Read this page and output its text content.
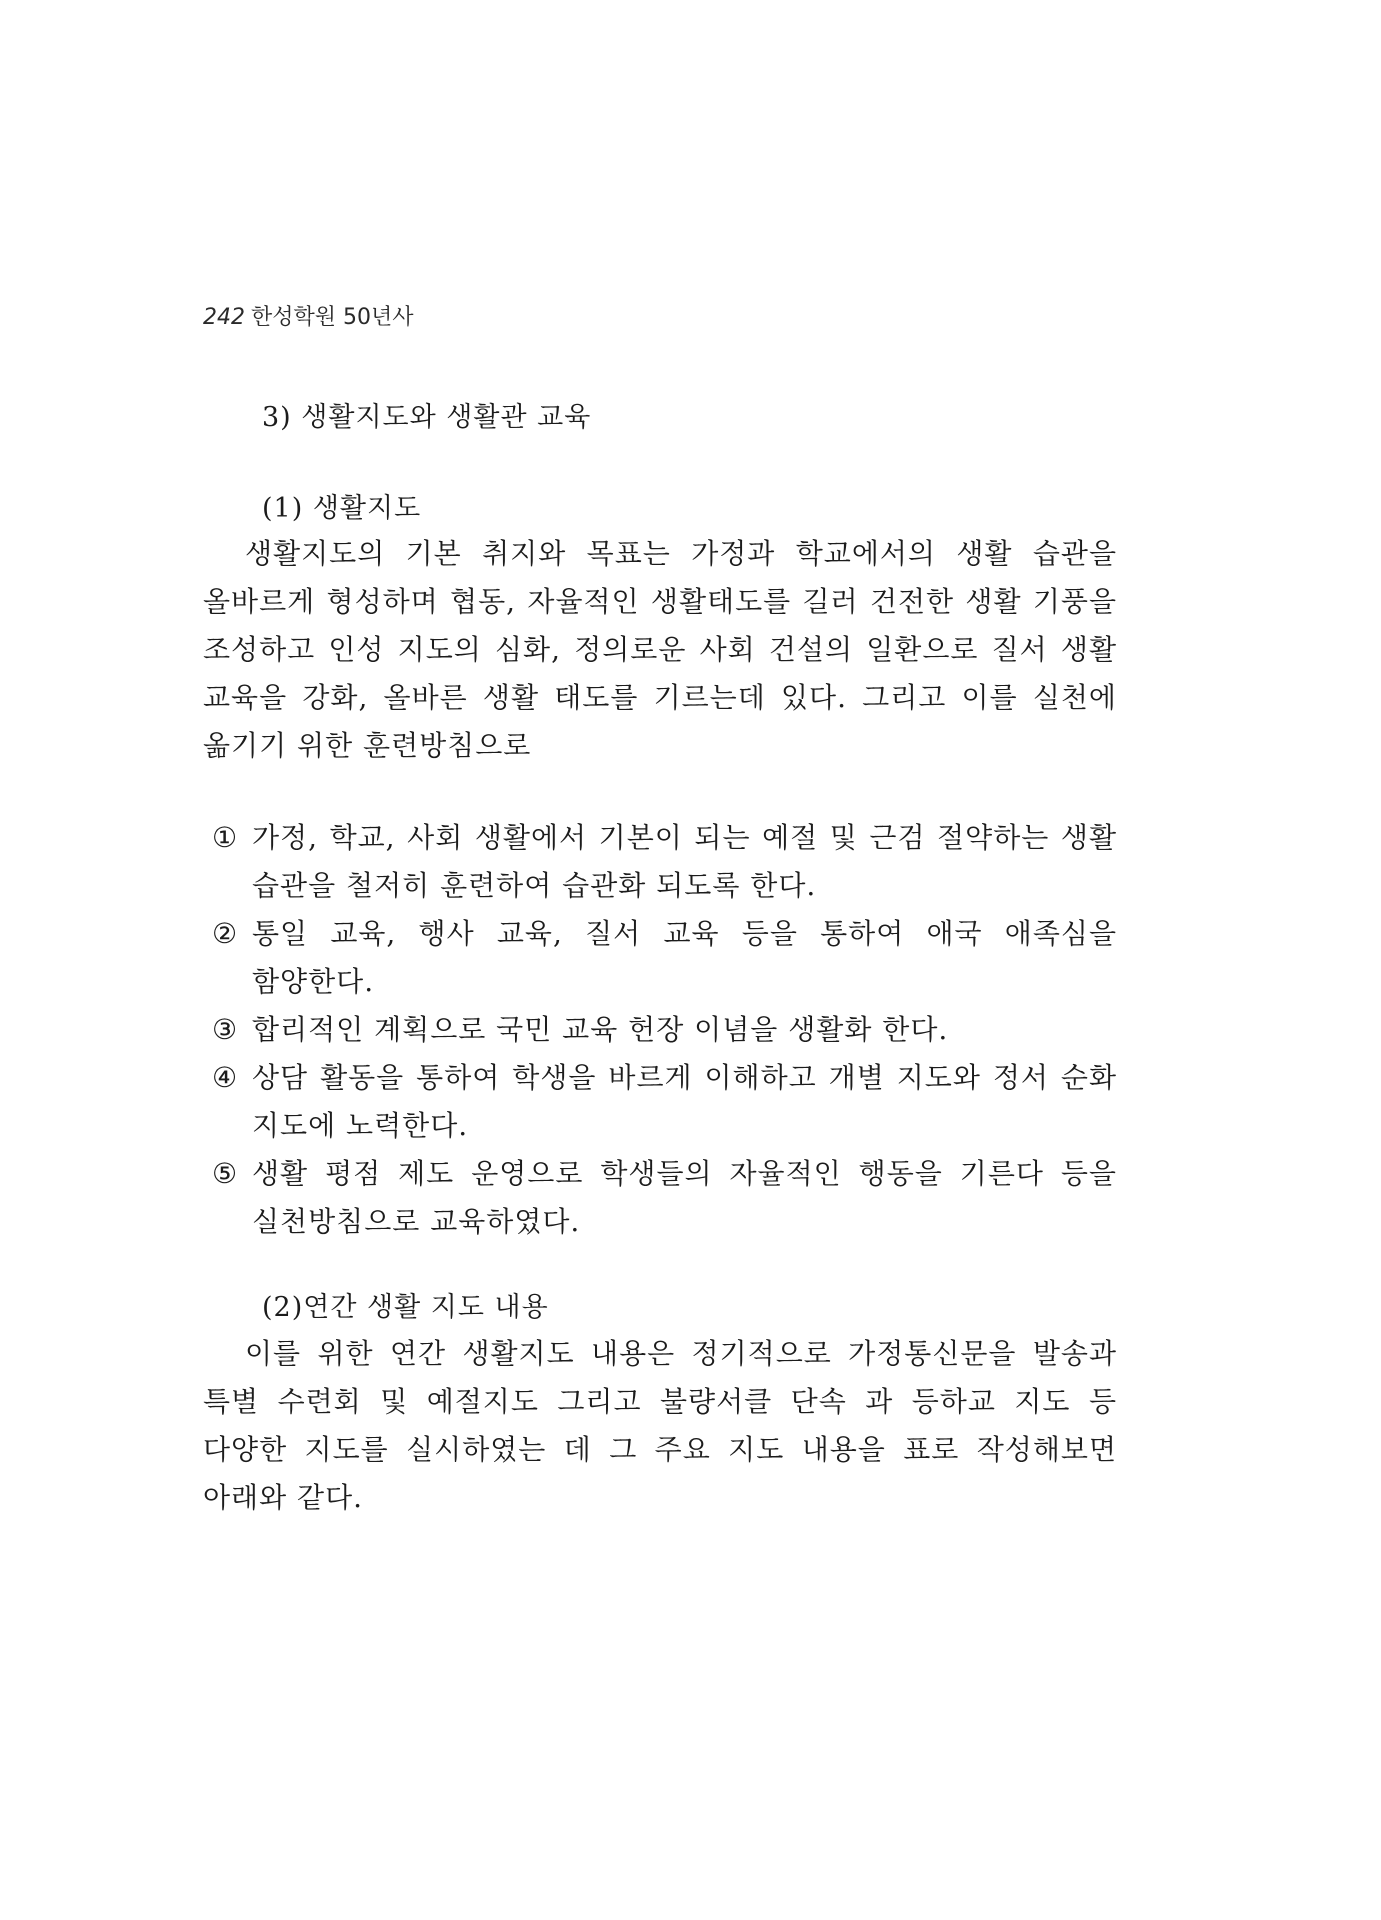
242 한성학원 50년사
3) 생활지도와 생활관 교육
(1) 생활지도
생활지도의 기본 취지와 목표는 가정과 학교에서의 생활 습관을 올바르게 형성하며 협동, 자율적인 생활태도를 길러 건전한 생활 기풍을 조성하고 인성 지도의 심화, 정의로운 사회 건설의 일환으로 질서 생활 교육을 강화, 올바른 생활 태도를 기르는데 있다. 그리고 이를 실천에 옮기기 위한 훈련방침으로
① 가정, 학교, 사회 생활에서 기본이 되는 예절 및 근검 절약하는 생활 습관을 철저히 훈련하여 습관화 되도록 한다.
② 통일 교육, 행사 교육, 질서 교육 등을 통하여 애국 애족심을 함양한다.
③ 합리적인 계획으로 국민 교육 헌장 이념을 생활화 한다.
④ 상담 활동을 통하여 학생을 바르게 이해하고 개별 지도와 정서 순화 지도에 노력한다.
⑤ 생활 평점 제도 운영으로 학생들의 자율적인 행동을 기른다 등을 실천방침으로 교육하였다.
(2)연간 생활 지도 내용
이를 위한 연간 생활지도 내용은 정기적으로 가정통신문을 발송과 특별 수련회 및 예절지도 그리고 불량서클 단속 과 등하교 지도 등 다양한 지도를 실시하였는 데 그 주요 지도 내용을 표로 작성해보면 아래와 같다.
